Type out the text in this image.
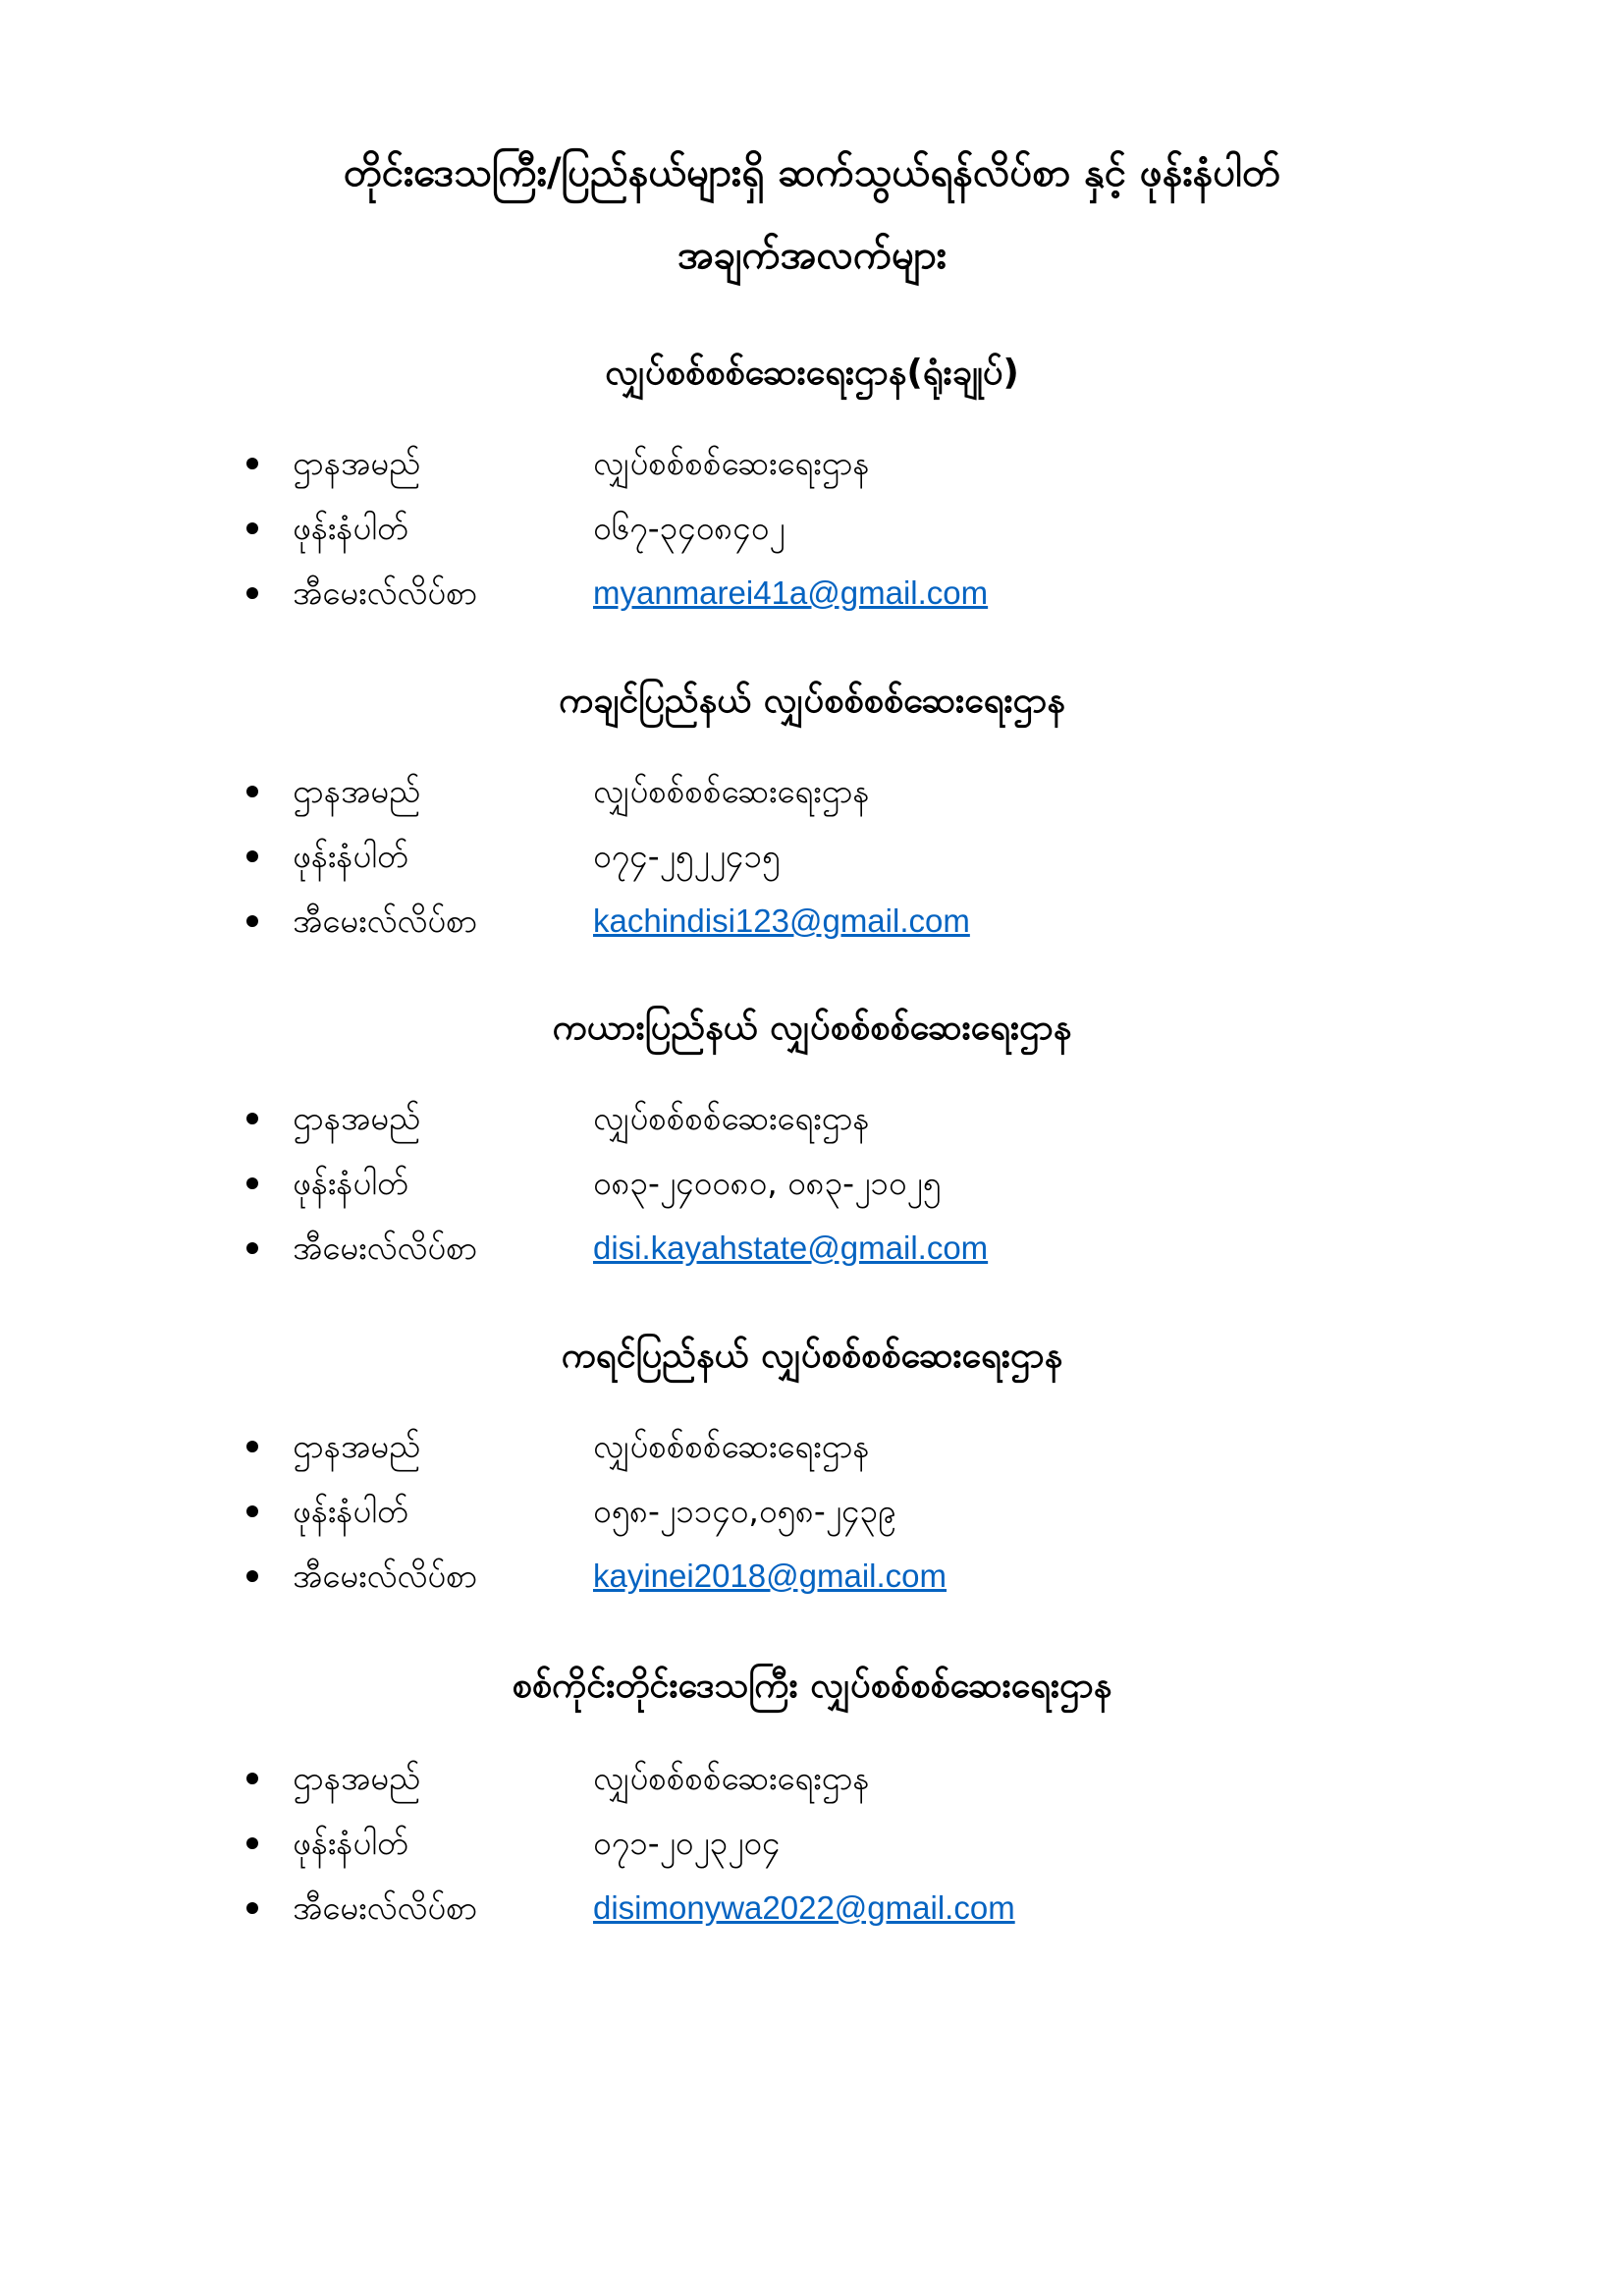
တိုင်းဒေသကြီး/ပြည်နယ်များရှိ ဆက်သွယ်ရန်လိပ်စာ နှင့် ဖုန်းနံပါတ်
အချက်အလက်များ
လျှပ်စစ်စစ်ဆေးရေးဌာန(ရုံးချုပ်)
ဌာနအမည်	လျှပ်စစ်စစ်ဆေးရေးဌာန
ဖုန်းနံပါတ်	၀၆၇-၃၄၀၈၄၀၂
အီမေးလ်လိပ်စာ	myanmarei41a@gmail.com
ကချင်ပြည်နယ် လျှပ်စစ်စစ်ဆေးရေးဌာန
ဌာနအမည်	လျှပ်စစ်စစ်ဆေးရေးဌာန
ဖုန်းနံပါတ်	၀၇၄-၂၅၂၂၄၁၅
အီမေးလ်လိပ်စာ	kachindisi123@gmail.com
ကယားပြည်နယ် လျှပ်စစ်စစ်ဆေးရေးဌာန
ဌာနအမည်	လျှပ်စစ်စစ်ဆေးရေးဌာန
ဖုန်းနံပါတ်	၀၈၃-၂၄၀၀၈၀, ၀၈၃-၂၁၀၂၅
အီမေးလ်လိပ်စာ	disi.kayahstate@gmail.com
ကရင်ပြည်နယ် လျှပ်စစ်စစ်ဆေးရေးဌာန
ဌာနအမည်	လျှပ်စစ်စစ်ဆေးရေးဌာန
ဖုန်းနံပါတ်	၀၅၈-၂၁၁၄၀,၀၅၈-၂၄၃၉
အီမေးလ်လိပ်စာ	kayinei2018@gmail.com
စစ်ကိုင်းတိုင်းဒေသကြီး လျှပ်စစ်စစ်ဆေးရေးဌာန
ဌာနအမည်	လျှပ်စစ်စစ်ဆေးရေးဌာန
ဖုန်းနံပါတ်	၀၇၁-၂၀၂၃၂၀၄
အီမေးလ်လိပ်စာ	disimonywa2022@gmail.com
